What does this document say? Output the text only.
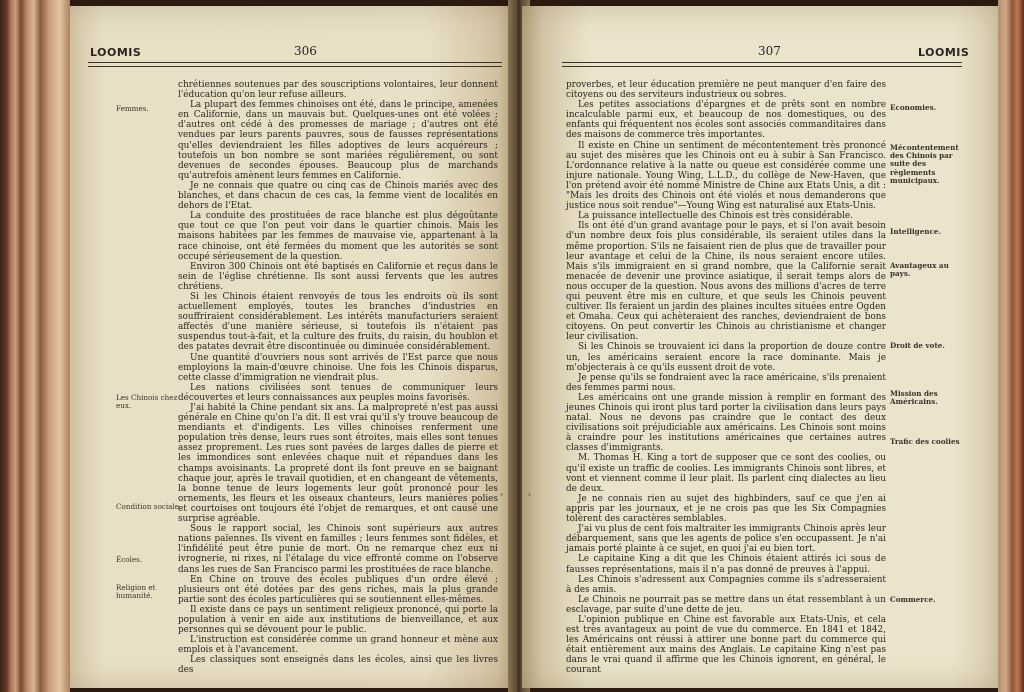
LOOMIS	306
Femmes.
Les Chinois chez eux.
Condition sociale.
Écoles.
Religion et humanité.

chrétiennes soutenues par des souscriptions volontaires, leur donnent l'éducation qu'on leur refuse ailleurs.

La plupart des femmes chinoises ont été, dans le principe, amenées en Californie, dans un mauvais but. Quelques-unes ont été volées ; d'autres ont cédé à des promesses de mariage ; d'autres ont été vendues par leurs parents pauvres, sous de fausses représentations qu'elles deviendraient les filles adoptives de leurs acquéreurs ; toutefois un bon nombre se sont mariées régulièrement, ou sont devenues de secondes épouses. Beaucoup plus de marchands qu'autrefois amènent leurs femmes en Californie.

Je ne connais que quatre ou cinq cas de Chinois mariés avec des blanches, et dans chacun de ces cas, la femme vient de localités en dehors de l'Etat.

La conduite des prostituées de race blanche est plus dégoûtante que tout ce que l'on peut voir dans le quartier chinois. Mais les maisons habitées par les femmes de mauvaise vie, appartenant à la race chinoise, ont été fermées du moment que les autorités se sont occupé sérieusement de la question.

Environ 300 Chinois ont été baptisés en Californie et reçus dans le sein de l'église chrétienne. Ils sont aussi fervents que les autres chrétiens.

Si les Chinois étaient renvoyés de tous les endroits où ils sont actuellement employés, toutes les branches d'industries en souffriraient considérablement. Les intérêts manufacturiers seraient affectés d'une manière sérieuse, si toutefois ils n'étaient pas suspendus tout-à-fait, et la culture des fruits, du raisin, du houblon et des patates devrait être discontinuée ou diminuée considérablement.

Une quantité d'ouvriers nous sont arrivés de l'Est parce que nous employions la main-d'œuvre chinoise. Une fois les Chinois disparus, cette classe d'immigration ne viendrait plus.

Les nations civilisées sont tenues de communiquer leurs découvertes et leurs connaissances aux peuples moins favorisés.

J'ai habité la Chine pendant six ans. La malpropreté n'est pas aussi générale en Chine qu'on l'a dit. Il est vrai qu'il s'y trouve beaucoup de mendiants et d'indigents. Les villes chinoises renferment une population très dense, leurs rues sont étroites, mais elles sont tenues assez proprement. Les rues sont pavées de larges dalles de pierre et les immondices sont enlevées chaque nuit et répandues dans les champs avoisinants. La propreté dont ils font preuve en se baignant chaque jour, après le travail quotidien, et en changeant de vêtements, la bonne tenue de leurs logements leur goût prononcé pour les ornements, les fleurs et les oiseaux chanteurs, leurs manières polies et courtoises ont toujours été l'objet de remarques, et ont causé une surprise agréable.

Sous le rapport social, les Chinois sont supérieurs aux autres nations païennes. Ils vivent en familles ; leurs femmes sont fidèles, et l'infidélité peut être punie de mort. On ne remarque chez eux ni ivrognerie, ni rixes, ni l'étalage du vice effronté comme on l'observe dans les rues de San Francisco parmi les prostituées de race blanche.

En Chine on trouve des écoles publiques d'un ordre élevé ; plusieurs ont été dotées par des gens riches, mais la plus grande partie sont des écoles particulières qui se soutiennent elles-mêmes.

Il existe dans ce pays un sentiment religieux prononcé, qui porte la population à venir en aide aux institutions de bienveillance, et aux personnes qui se dévouent pour le public.

L'instruction est considérée comme un grand honneur et mène aux emplois et à l'avancement.

Les classiques sont enseignés dans les écoles, ainsi que les livres des

›
307	LOOMIS

proverbes, et leur éducation première ne peut manquer d'en faire des citoyens ou des serviteurs industrieux ou sobres.

Les petites associations d'épargnes et de prêts sont en nombre incalculable parmi eux, et beaucoup de nos domestiques, ou des enfants qui fréquentent nos écoles sont associés commanditaires dans des maisons de commerce très importantes.

Il existe en Chine un sentiment de mécontentement très prononcé au sujet des misères que les Chinois ont eu à subir à San Francisco. L'ordonnance relative à la natte ou queue est considérée comme une injure nationale. Young Wing, L.L.D., du collège de New-Haven, que l'on prétend avoir été nommé Ministre de Chine aux Etats Unis, a dit : "Mais les droits des Chinois ont été violés et nous demanderons que justice nous soit rendue"—Young Wing est naturalisé aux Etats-Unis.

La puissance intellectuelle des Chinois est très considérable.

Ils ont été d'un grand avantage pour le pays, et si l'on avait besoin d'un nombre deux fois plus considérable, ils seraient utiles dans la même proportion. S'ils ne faisaient rien de plus que de travailler pour leur avantage et celui de la Chine, ils nous seraient encore utiles. Mais s'ils immigraient en si grand nombre, que la Californie serait menacée de devenir une province asiatique, il serait temps alors de nous occuper de la question. Nous avons des millions d'acres de terre qui peuvent être mis en culture, et que seuls les Chinois peuvent cultiver. Ils feraient un jardin des plaines incultes situées entre Ogden et Omaha. Ceux qui achèteraient des ranches, deviendraient de bons citoyens. On peut convertir les Chinois au christianisme et changer leur civilisation.

Si les Chinois se trouvaient ici dans la proportion de douze contre un, les américains seraient encore la race dominante. Mais je m'objecterais à ce qu'ils eussent droit de vote.

Je pense qu'ils se fondraient avec la race américaine, s'ils prenaient des femmes parmi nous.

Les américains ont une grande mission à remplir en formant des jeunes Chinois qui iront plus tard porter la civilisation dans leurs pays natal. Nous ne devons pas craindre que le contact des deux civilisations soit préjudiciable aux américains. Les Chinois sont moins à craindre pour les institutions américaines que certaines autres classes d'immigrants.

M. Thomas H. King a tort de supposer que ce sont des coolies, ou qu'il existe un traffic de coolies. Les immigrants Chinois sont libres, et vont et viennent comme il leur plait. Ils parlent cinq dialectes au lieu de deux.

Je ne connais rien au sujet des highbinders, sauf ce que j'en ai appris par les journaux, et je ne crois pas que les Six Compagnies tolèrent des caractères semblables.

J'ai vu plus de cent fois maltraiter les immigrants Chinois après leur débarquement, sans que les agents de police s'en occupassent. Je n'ai jamais porté plainte à ce sujet, en quoi j'ai eu bien tort.

Le capitaine King a dit que les Chinois étaient attirés ici sous de fausses représentations, mais il n'a pas donné de preuves à l'appui.

Les Chinois s'adressent aux Compagnies comme ils s'adresseraient à des amis.

Le Chinois ne pourrait pas se mettre dans un état ressemblant à un esclavage, par suite d'une dette de jeu.

L'opinion publique en Chine est favorable aux Etats-Unis, et cela est très avantageux au point de vue du commerce. En 1841 et 1842, les Américains ont réussi à attirer une bonne part du commerce qui était entièrement aux mains des Anglais. Le capitaine King n'est pas dans le vrai quand il affirme que les Chinois ignorent, en général, le courant

Economies.
Mécontentement des Chinois par suite des règlements municipaux.
Intelligence.
Avantageux au pays.
Droit de vote.
Mission des Américains.
Trafic des coolies
Commerce.
‹
